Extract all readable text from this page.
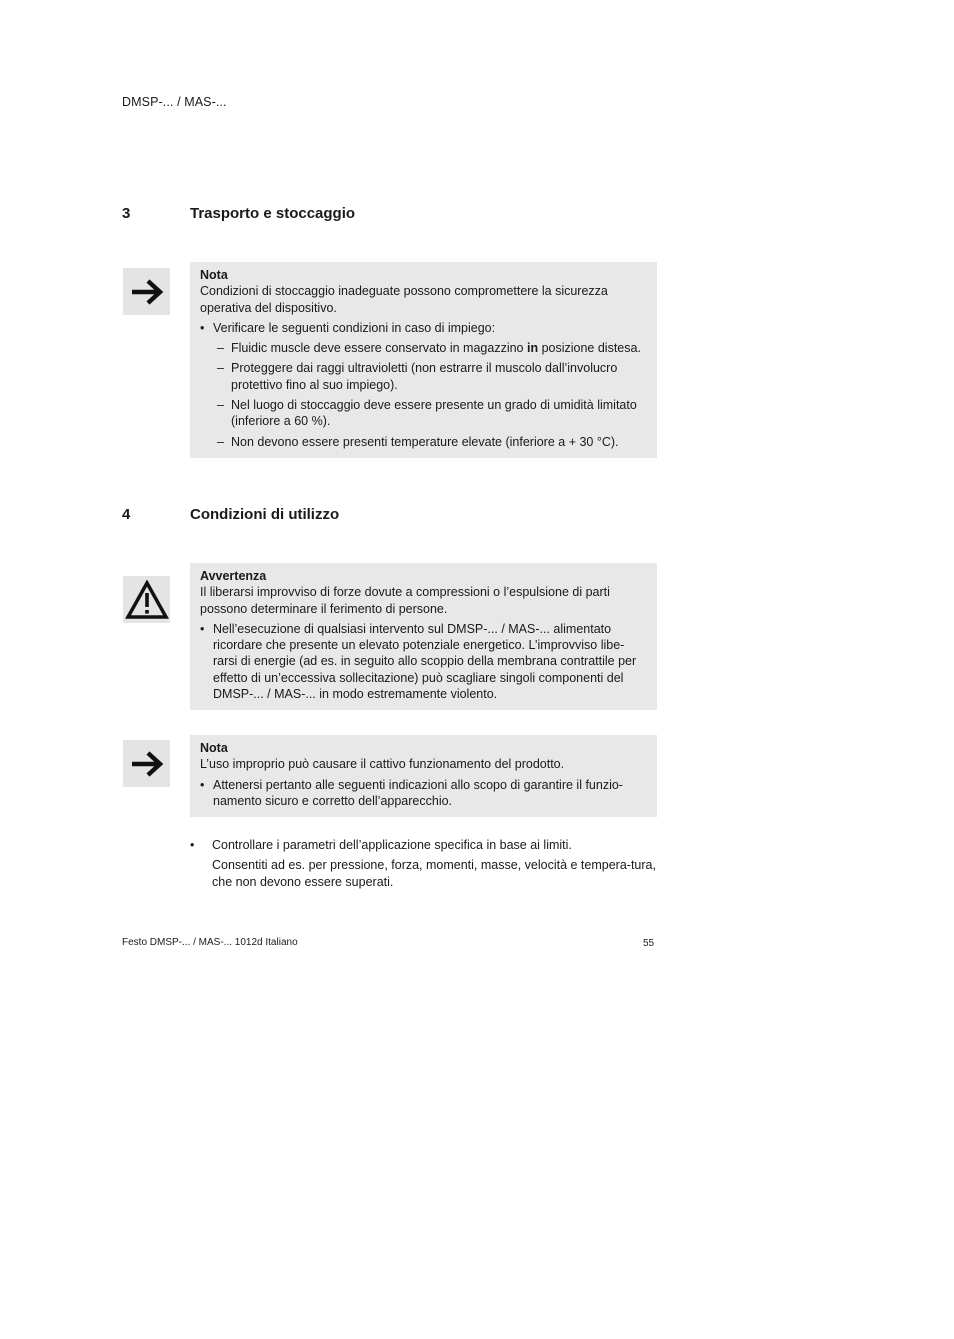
DMSP-... / MAS-...
3	Trasporto e stoccaggio
Nota
Condizioni di stoccaggio inadeguate possono compromettere la sicurezza operativa del dispositivo.
• Verificare le seguenti condizioni in caso di impiego:
– Fluidic muscle deve essere conservato in magazzino in posizione distesa.
– Proteggere dai raggi ultravioletti (non estrarre il muscolo dall’involucro protettivo fino al suo impiego).
– Nel luogo di stoccaggio deve essere presente un grado di umidità limitato (inferiore a 60 %).
– Non devono essere presenti temperature elevate (inferiore a + 30 °C).
4	Condizioni di utilizzo
Avvertenza
Il liberarsi improvviso di forze dovute a compressioni o l’espulsione di parti possono determinare il ferimento di persone.
• Nell’esecuzione di qualsiasi intervento sul DMSP-... / MAS-... alimentato ricordare che presente un elevato potenziale energetico. L’improvviso libe-rarsi di energie (ad es. in seguito allo scoppio della membrana contrattile per effetto di un’eccessiva sollecitazione) può scagliare singoli componenti del DMSP-... / MAS-... in modo estremamente violento.
Nota
L’uso improprio può causare il cattivo funzionamento del prodotto.
• Attenersi pertanto alle seguenti indicazioni allo scopo di garantire il funzio-namento sicuro e corretto dell’apparecchio.
•	Controllare i parametri dell’applicazione specifica in base ai limiti.
Consentiti ad es. per pressione, forza, momenti, masse, velocità e tempera-tura, che non devono essere superati.
Festo DMSP-... / MAS-... 1012d Italiano	55
